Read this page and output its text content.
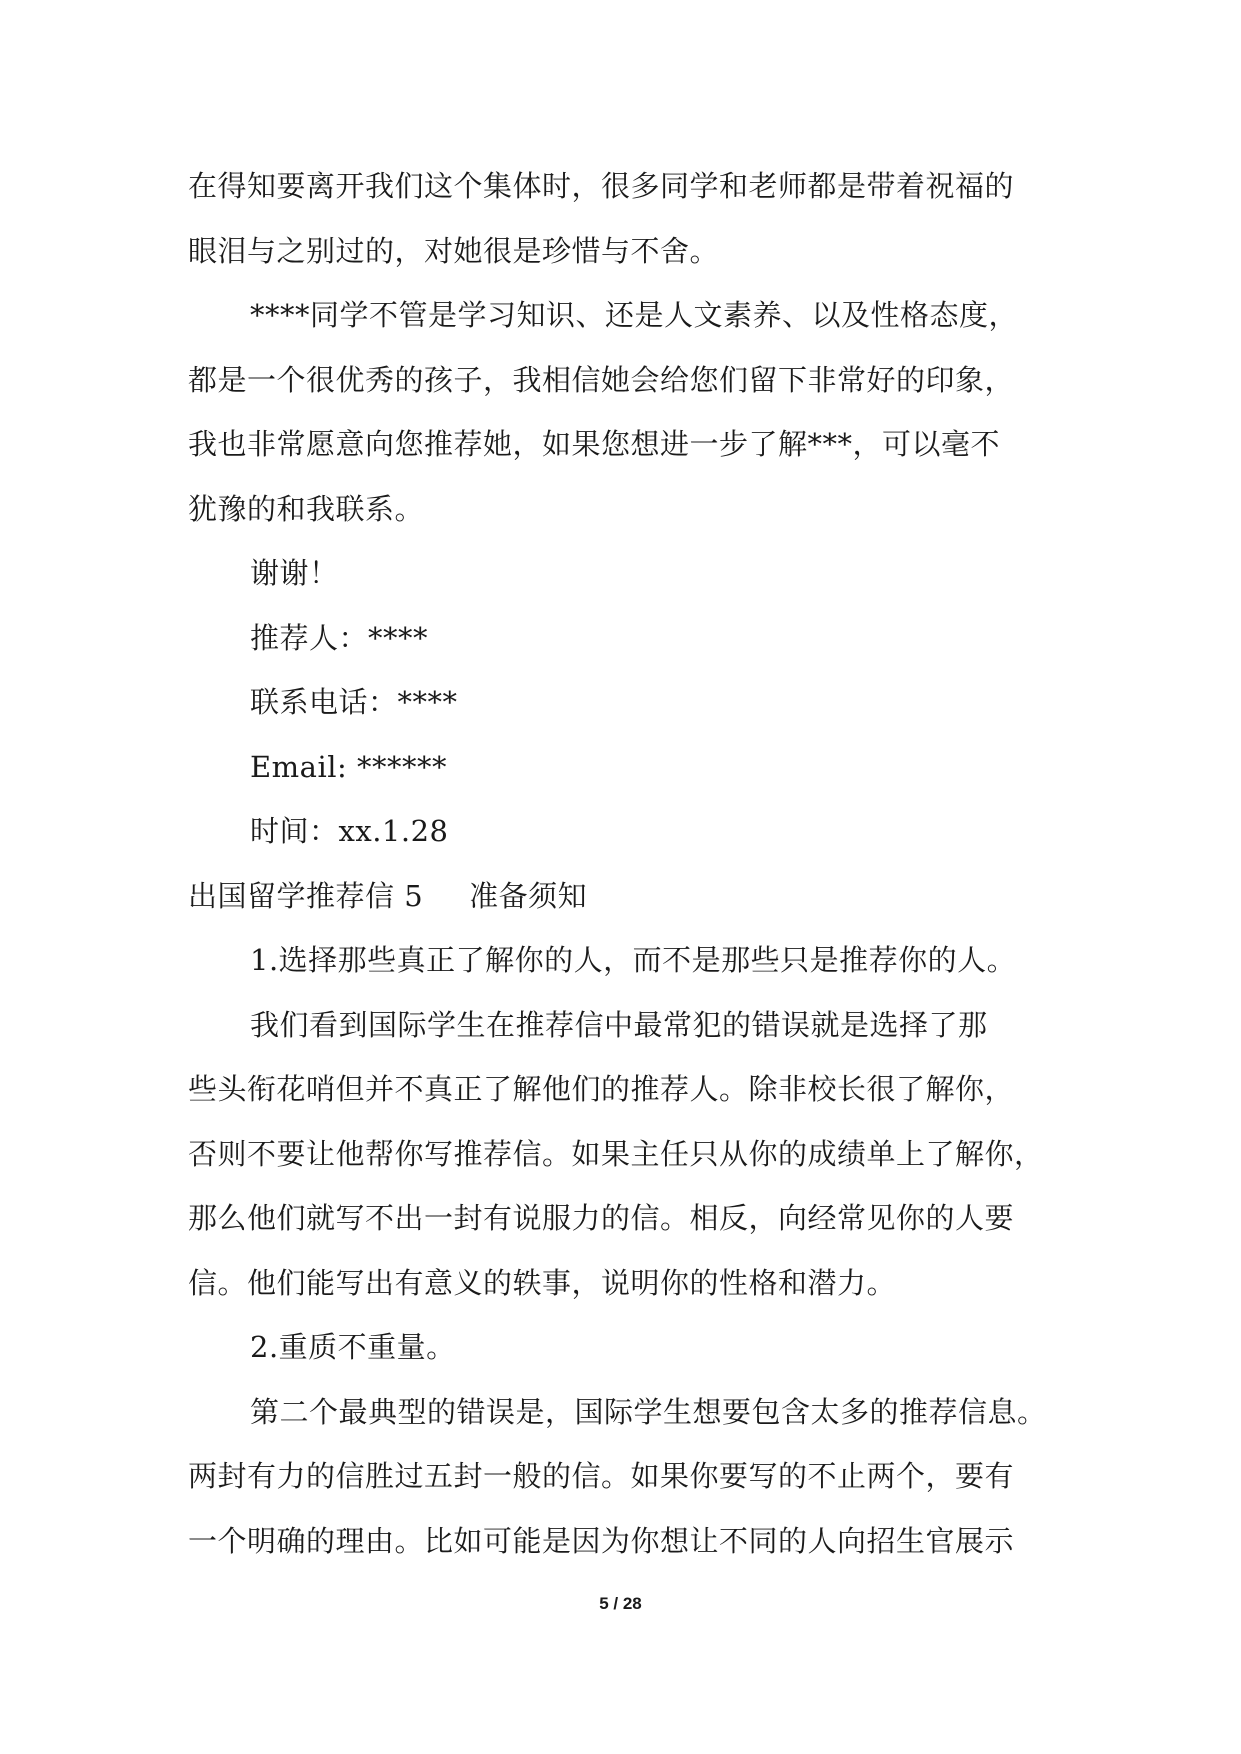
在得知要离开我们这个集体时，很多同学和老师都是带着祝福的
眼泪与之别过的，对她很是珍惜与不舍。
****同学不管是学习知识、还是人文素养、以及性格态度，
都是一个很优秀的孩子，我相信她会给您们留下非常好的印象，
我也非常愿意向您推荐她，如果您想进一步了解***，可以毫不
犹豫的和我联系。
谢谢！
推荐人：****
联系电话：****
Email: ******
时间：xx.1.28
出国留学推荐信 5 准备须知
1.选择那些真正了解你的人，而不是那些只是推荐你的人。
我们看到国际学生在推荐信中最常犯的错误就是选择了那
些头衔花哨但并不真正了解他们的推荐人。除非校长很了解你，
否则不要让他帮你写推荐信。如果主任只从你的成绩单上了解你，
那么他们就写不出一封有说服力的信。相反，向经常见你的人要
信。他们能写出有意义的轶事，说明你的性格和潜力。
2.重质不重量。
第二个最典型的错误是，国际学生想要包含太多的推荐信息。
两封有力的信胜过五封一般的信。如果你要写的不止两个，要有
一个明确的理由。比如可能是因为你想让不同的人向招生官展示
5 / 28
